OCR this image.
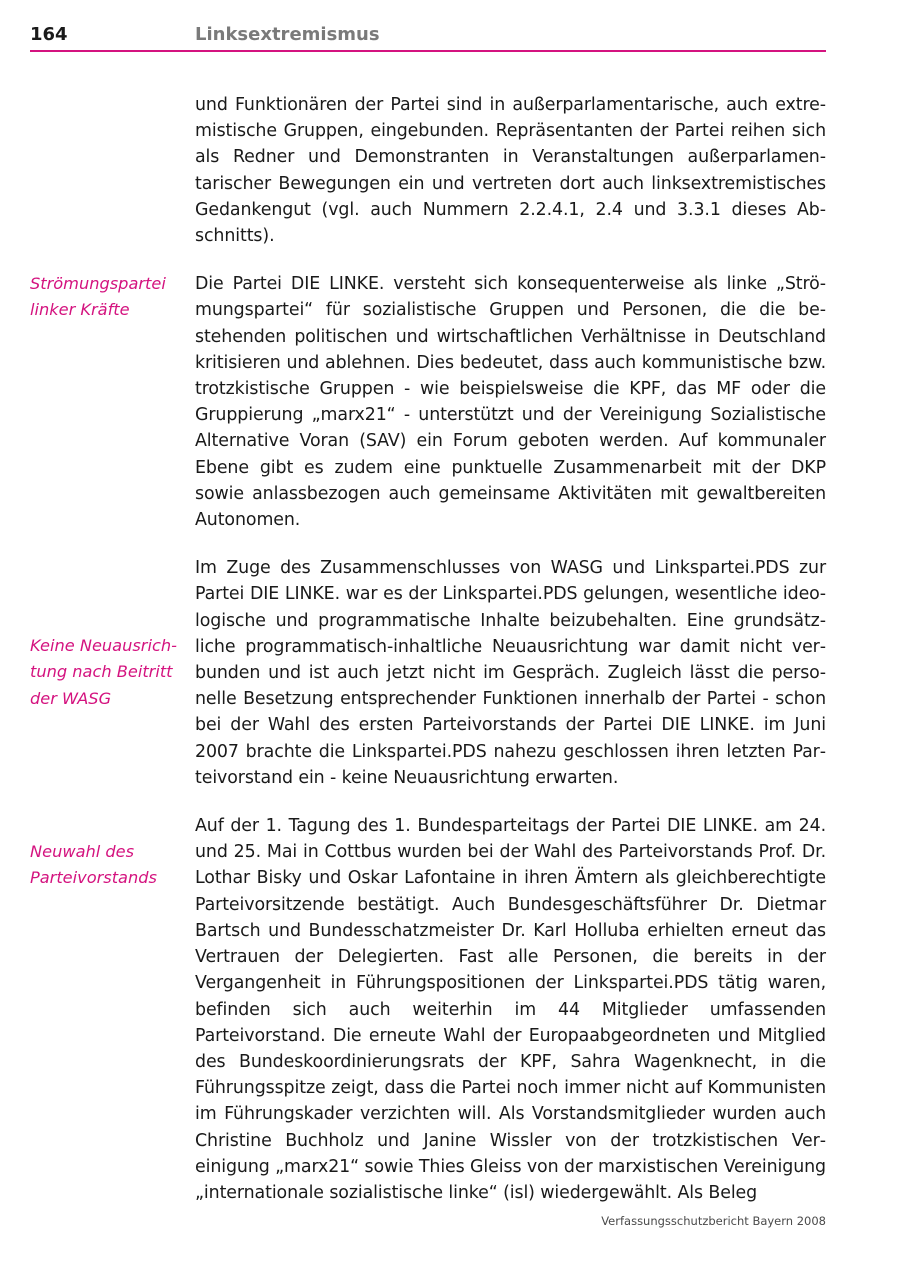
164	Linksextremismus
und Funktionären der Partei sind in außerparlamentarische, auch extremistische Gruppen, eingebunden. Repräsentanten der Partei reihen sich als Redner und Demonstranten in Veranstaltungen außerparlamentarischer Bewegungen ein und vertreten dort auch linksextremistisches Gedankengut (vgl. auch Nummern 2.2.4.1, 2.4 und 3.3.1 dieses Abschnitts).
Strömungspartei linker Kräfte
Die Partei DIE LINKE. versteht sich konsequenterweise als linke „Strömungspartei“ für sozialistische Gruppen und Personen, die die bestehenden politischen und wirtschaftlichen Verhältnisse in Deutschland kritisieren und ablehnen. Dies bedeutet, dass auch kommunistische bzw. trotzkistische Gruppen - wie beispielsweise die KPF, das MF oder die Gruppierung „marx21“ - unterstützt und der Vereinigung Sozialistische Alternative Voran (SAV) ein Forum geboten werden. Auf kommunaler Ebene gibt es zudem eine punktuelle Zusammenarbeit mit der DKP sowie anlassbezogen auch gemeinsame Aktivitäten mit gewaltbereiten Autonomen.
Keine Neuausrichtung nach Beitritt der WASG
Im Zuge des Zusammenschlusses von WASG und Linkspartei.PDS zur Partei DIE LINKE. war es der Linkspartei.PDS gelungen, wesentliche ideologische und programmatische Inhalte beizubehalten. Eine grundsätzliche programmatisch-inhaltliche Neuausrichtung war damit nicht verbunden und ist auch jetzt nicht im Gespräch. Zugleich lässt die personelle Besetzung entsprechender Funktionen innerhalb der Partei - schon bei der Wahl des ersten Parteivorstands der Partei DIE LINKE. im Juni 2007 brachte die Linkspartei.PDS nahezu geschlossen ihren letzten Parteivorstand ein - keine Neuausrichtung erwarten.
Neuwahl des Parteivorstands
Auf der 1. Tagung des 1. Bundesparteitags der Partei DIE LINKE. am 24. und 25. Mai in Cottbus wurden bei der Wahl des Parteivorstands Prof. Dr. Lothar Bisky und Oskar Lafontaine in ihren Ämtern als gleichberechtigte Parteivorsitzende bestätigt. Auch Bundesgeschäftsführer Dr. Dietmar Bartsch und Bundesschatzmeister Dr. Karl Holluba erhielten erneut das Vertrauen der Delegierten. Fast alle Personen, die bereits in der Vergangenheit in Führungspositionen der Linkspartei.PDS tätig waren, befinden sich auch weiterhin im 44 Mitglieder umfassenden Parteivorstand. Die erneute Wahl der Europaabgeordneten und Mitglied des Bundeskoordinierungsrats der KPF, Sahra Wagenknecht, in die Führungsspitze zeigt, dass die Partei noch immer nicht auf Kommunisten im Führungskader verzichten will. Als Vorstandsmitglieder wurden auch Christine Buchholz und Janine Wissler von der trotzkistischen Vereinigung „marx21“ sowie Thies Gleiss von der marxistischen Vereinigung „internationale sozialistische linke“ (isl) wiedergewählt. Als Beleg
Verfassungsschutzbericht Bayern 2008
